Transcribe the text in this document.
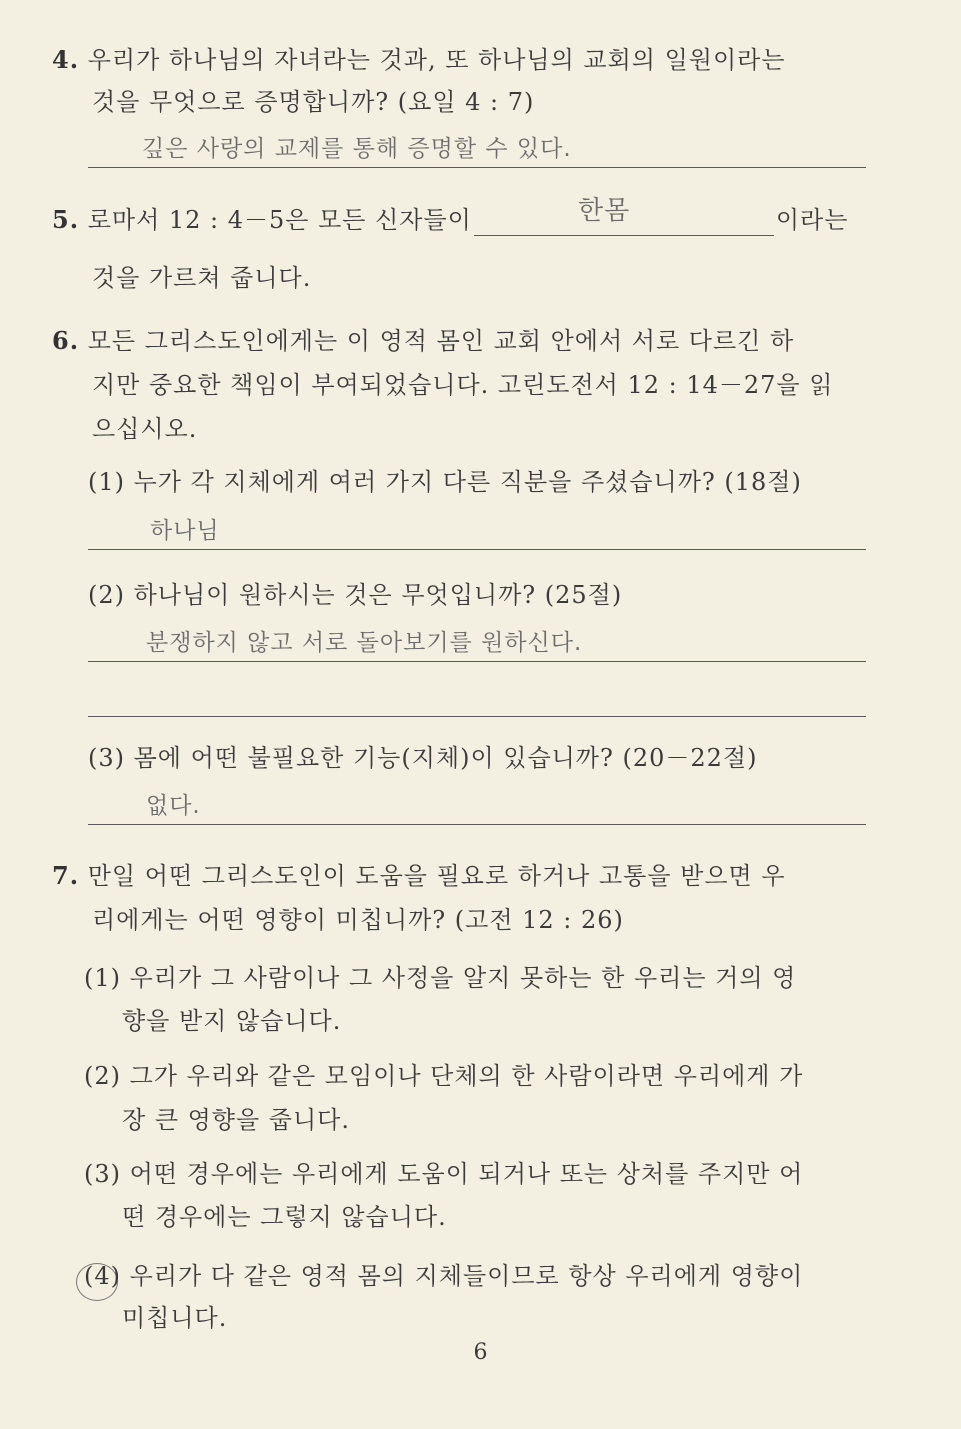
4. 우리가 하나님의 자녀라는 것과, 또 하나님의 교회의 일원이라는
것을 무엇으로 증명합니까? (요일 4 : 7)
깊은 사랑의 교제를 통해 증명할 수 있다.
한몸
5. 로마서 12 : 4－5은 모든 신자들이	이라는
것을 가르쳐 줍니다.
6. 모든 그리스도인에게는 이 영적 몸인 교회 안에서 서로 다르긴 하
지만 중요한 책임이 부여되었습니다. 고린도전서 12 : 14－27을 읽
으십시오.
(1) 누가 각 지체에게 여러 가지 다른 직분을 주셨습니까? (18절)
하나님
(2) 하나님이 원하시는 것은 무엇입니까? (25절)
분쟁하지 않고 서로 돌아보기를 원하신다.
(3) 몸에 어떤 불필요한 기능(지체)이 있습니까? (20－22절)
없다.
7. 만일 어떤 그리스도인이 도움을 필요로 하거나 고통을 받으면 우
리에게는 어떤 영향이 미칩니까? (고전 12 : 26)
(1) 우리가 그 사람이나 그 사정을 알지 못하는 한 우리는 거의 영
향을 받지 않습니다.
(2) 그가 우리와 같은 모임이나 단체의 한 사람이라면 우리에게 가
장 큰 영향을 줍니다.
(3) 어떤 경우에는 우리에게 도움이 되거나 또는 상처를 주지만 어
떤 경우에는 그렇지 않습니다.
(4) 우리가 다 같은 영적 몸의 지체들이므로 항상 우리에게 영향이
미칩니다.
6
